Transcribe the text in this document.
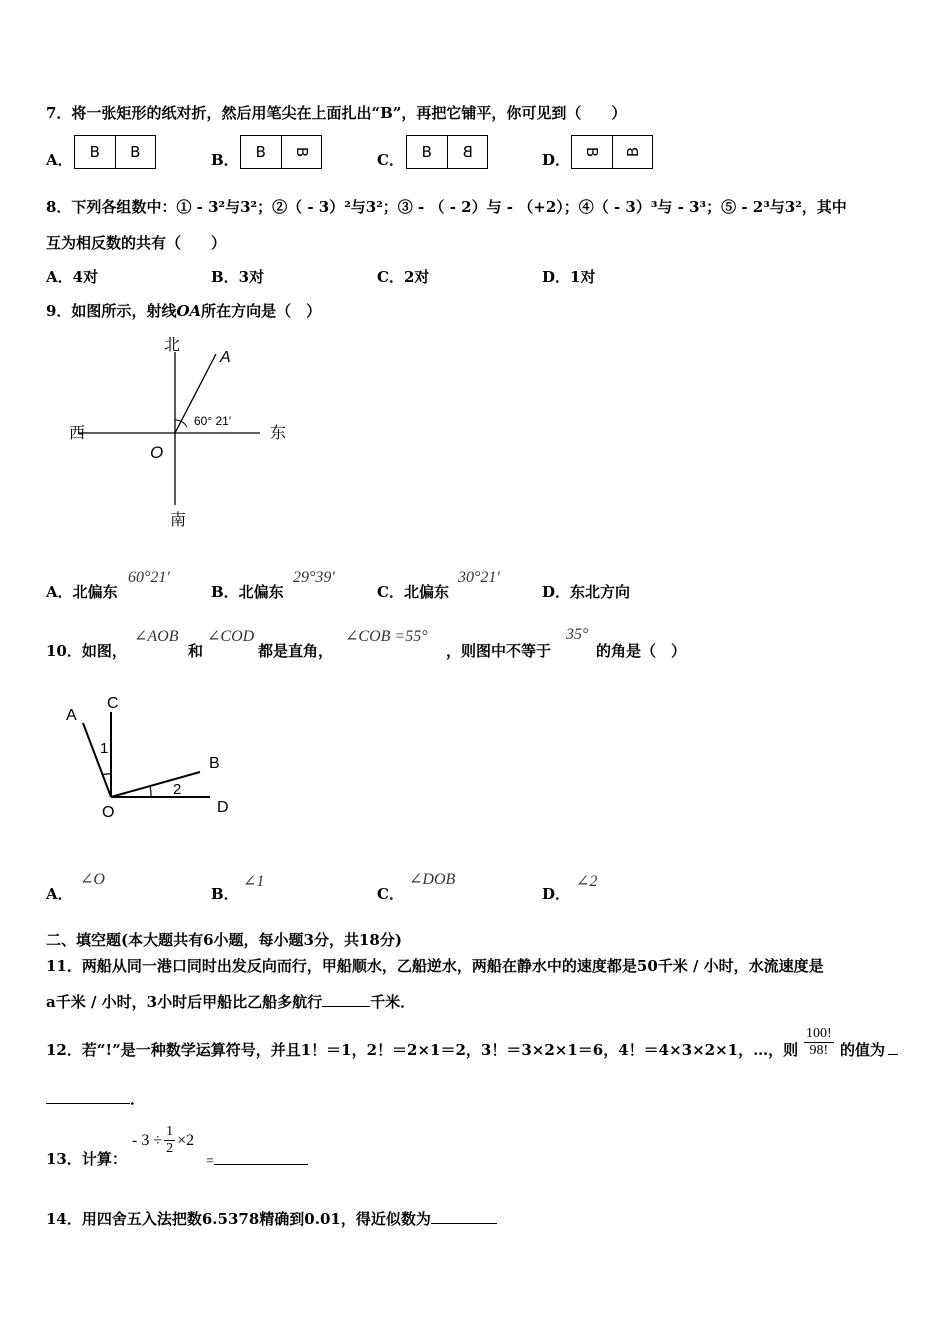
7．将一张矩形的纸对折，然后用笔尖在上面扎出“B”，再把它铺平，你可见到（　　）
A．	B	B	B．	B	B	C．	B	B	D． B B
8．下列各组数中：① - 3²与3²；②（ - 3）²与3²；③ - （ - 2）与 - （+2）；④（ - 3）³与 - 3³；⑤ - 2³与3²，其中
互为相反数的共有（　　）
A．4对	B．3对	C．2对	D．1对
9．如图所示，射线OA所在方向是（　）
北
南
东
西
O
A
60° 21′
A．北偏东
60°21′
B．北偏东
29°39′
C．北偏东
30°21′
D．东北方向
10．如图，
∠AOB
和
∠COD
都是直角，
∠COB =55°
，则图中不等于
35°
的角是（　）
A
C
B
O	D
1
2
A．
∠O
B．
∠1
C．
∠DOB
D．
∠2
二、填空题(本大题共有6小题，每小题3分，共18分)
11．两船从同一港口同时出发反向而行，甲船顺水，乙船逆水，两船在静水中的速度都是50千米 / 小时，水流速度是
a千米 / 小时，3小时后甲船比乙船多航行	千米．
12．若“!”是一种数学运算符号，并且1！＝1，2！＝2×1＝2，3！＝3×2×1＝6，4！＝4×3×2×1，…，则 $\frac{100!}{98!}$ 的值为
．
13．计算：
- $3 \div \frac{1}{2} \times 2$
=
14．用四舍五入法把数6.5378精确到0.01，得近似数为
